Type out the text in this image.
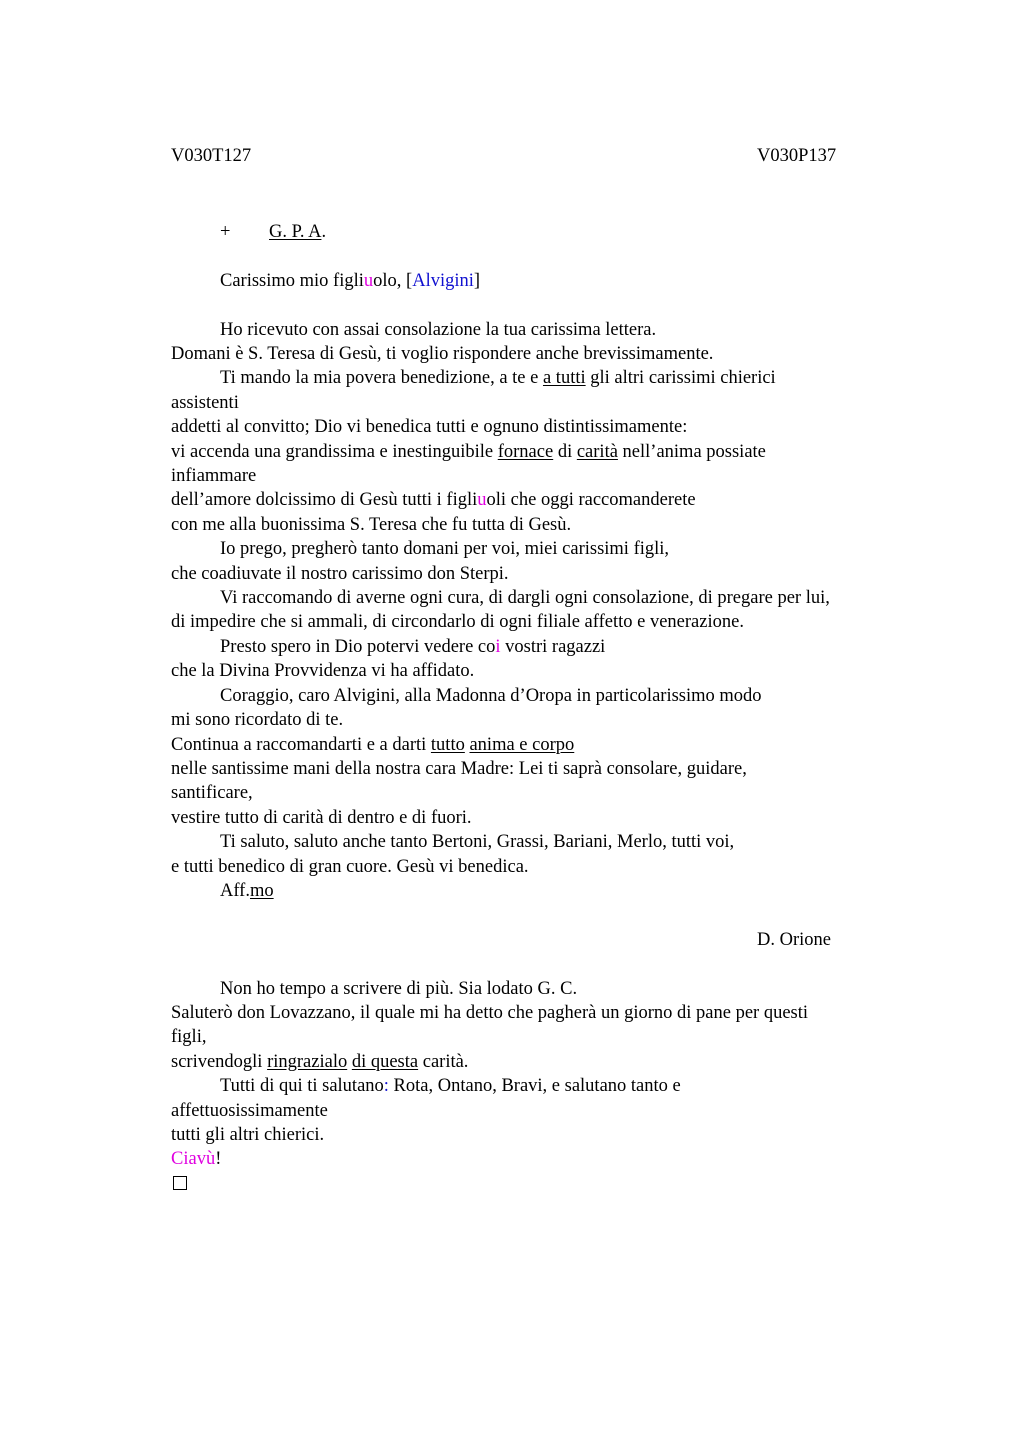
V030T127	V030P137
+ G. P. A.
Carissimo mio figliuolo, [Alvigini]
Ho ricevuto con assai consolazione la tua carissima lettera.
Domani è S. Teresa di Gesù, ti voglio rispondere anche brevissimamente.
Ti mando la mia povera benedizione, a te e a tutti gli altri carissimi chierici
assistenti
addetti al convitto; Dio vi benedica tutti e ognuno distintissimamente:
vi accenda una grandissima e inestinguibile fornace di carità nell’anima possiate
infiammare
dell’amore dolcissimo di Gesù tutti i figliuoli che oggi raccomanderete
con me alla buonissima S. Teresa che fu tutta di Gesù.
Io prego, pregherò tanto domani per voi, miei carissimi figli,
che coadiuvate il nostro carissimo don Sterpi.
Vi raccomando di averne ogni cura, di dargli ogni consolazione, di pregare per lui,
di impedire che si ammali, di circondarlo di ogni filiale affetto e venerazione.
Presto spero in Dio potervi vedere coi vostri ragazzi
che la Divina Provvidenza vi ha affidato.
Coraggio, caro Alvigini, alla Madonna d’Oropa in particolarissimo modo
mi sono ricordato di te.
Continua a raccomandarti e a darti tutto anima e corpo
nelle santissime mani della nostra cara Madre: Lei ti saprà consolare, guidare,
santificare,
vestire tutto di carità di dentro e di fuori.
Ti saluto, saluto anche tanto Bertoni, Grassi, Bariani, Merlo, tutti voi,
e tutti benedico di gran cuore. Gesù vi benedica.
Aff.mo
D. Orione
Non ho tempo a scrivere di più. Sia lodato G. C.
Saluterò don Lovazzano, il quale mi ha detto che pagherà un giorno di pane per questi
figli,
scrivendogli ringrazialo di questa carità.
Tutti di qui ti salutano: Rota, Ontano, Bravi, e salutano tanto e
affettuosissimamente
tutti gli altri chierici.
Ciavù!
